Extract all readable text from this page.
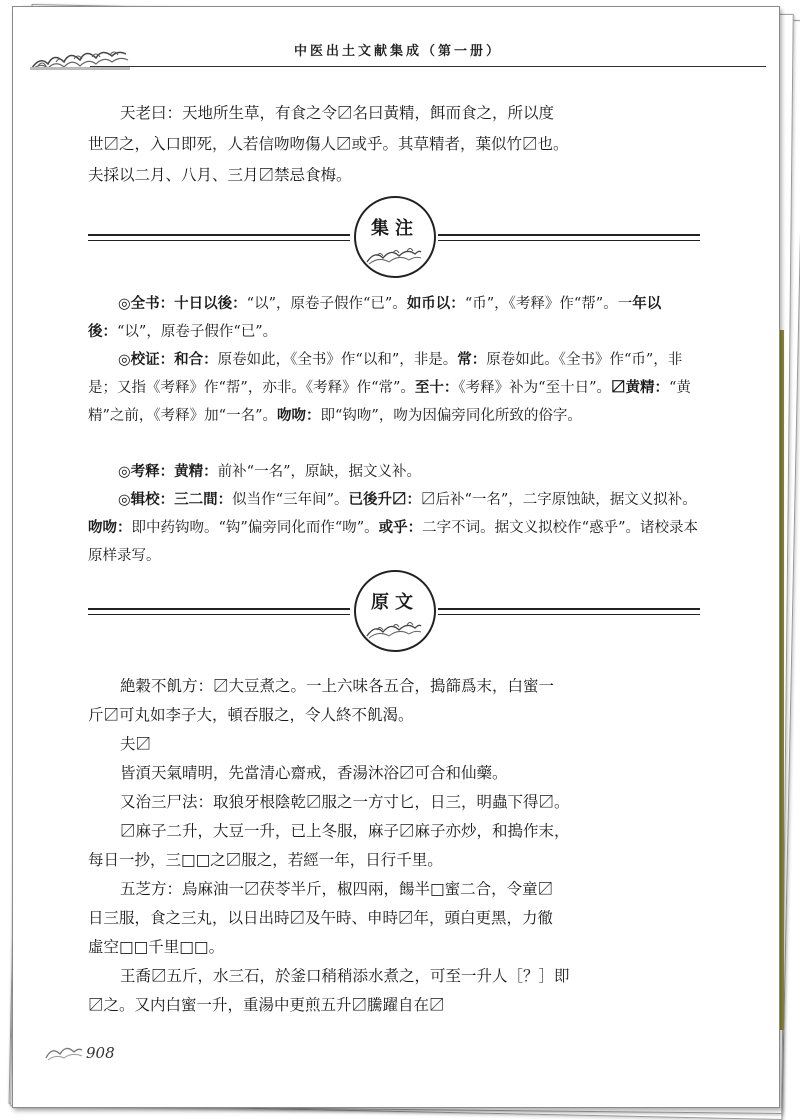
中医出土文献集成（第一册）

天老曰：天地所生草，有食之令〼名曰黃精，餌而食之，所以度

世〼之，入口即死，人若信吻吻傷人〼或乎。其草精者，葉似竹〼也。

夫採以二月、八月、三月〼禁忌食梅。

集注

◎全书：十日以後：“以”，原卷子假作“已”。如币以：“币”，《考释》作“帮”。一年以後：“以”，原卷子假作“已”。

◎校证：和合：原卷如此，《全书》作“以和”，非是。常：原卷如此。《全书》作“币”，非是；又指《考释》作“帮”，亦非。《考释》作“常”。至十：《考释》补为“至十日”。〼黄精：“黄精”之前，《考释》加“一名”。吻吻：即“钩吻”，吻为因偏旁同化所致的俗字。

◎考释：黄精：前补“一名”，原缺，据文义补。

◎辑校：三二間：似当作“三年间”。已後升〼：〼后补“一名”，二字原蚀缺，据文义拟补。吻吻：即中药钩吻。“钩”偏旁同化而作“吻”。或乎：二字不词。据文义拟校作“惑乎”。诸校录本原样录写。

原文

絶穀不飢方：〼大豆煮之。一上六味各五合，搗篩爲末，白蜜一

斤〼可丸如李子大，頓吞服之，令人終不飢渴。

夫〼

皆湏天氣晴明，先當清心齋戒，香湯沐浴〼可合和仙藥。

又治三尸法：取狼牙根陰乾〼服之一方寸匕，日三，明蟲下得〼。

〼麻子二升，大豆一升，已上冬服，麻子〼麻子亦炒，和搗作末，

每日一抄，三□□之〼服之，若經一年，日行千里。

五芝方：烏麻油一〼茯苓半斤，椒四兩，餳半□蜜二合，令童〼

日三服，食之三丸，以日出時〼及午時、申時〼年，頭白更黑，力徹

虛空□□千里□□。

王喬〼五斤，水三石，於釜口稍稍添水煮之，可至一升人［？］即

〼之。又内白蜜一升，重湯中更煎五升〼騰躍自在〼

908
